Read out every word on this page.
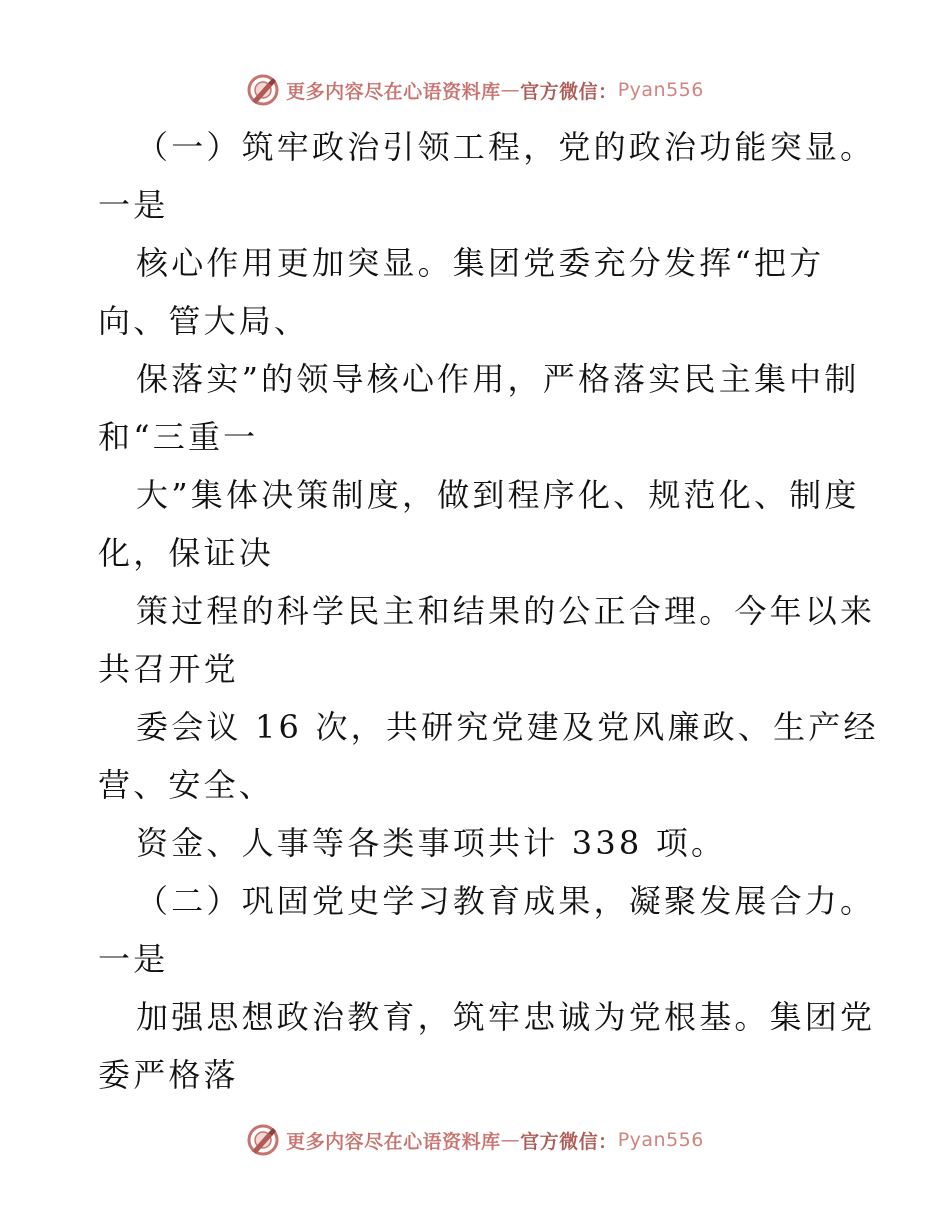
更多内容尽在心语资料库 — 官方微信： Pyan556
（一）筑牢政治引领工程，党的政治功能突显。
一是
核心作用更加突显。集团党委充分发挥“把方
向、管大局、
保落实”的领导核心作用，严格落实民主集中制
和“三重一
大”集体决策制度，做到程序化、规范化、制度
化，保证决
策过程的科学民主和结果的公正合理。今年以来
共召开党
委会议 16 次，共研究党建及党风廉政、生产经
营、安全、
资金、人事等各类事项共计 338 项。
（二）巩固党史学习教育成果，凝聚发展合力。
一是
加强思想政治教育，筑牢忠诚为党根基。集团党
委严格落
更多内容尽在心语资料库 — 官方微信： Pyan556
